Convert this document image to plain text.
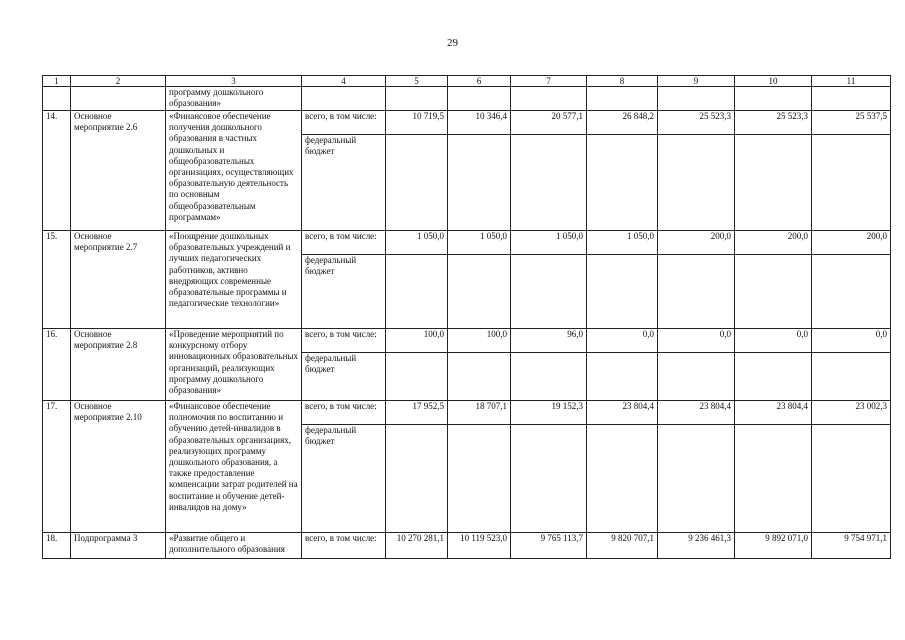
29
1	2	3	4	5	6	7	8	9	10	11
		программу дошкольного образования»								
14.	Основное мероприятие 2.6	«Финансовое обеспечение получения дошкольного образования в частных дошкольных и общеобразовательных организациях, осуществляющих образовательную деятельность по основным общеобразовательным программам»	всего, в том числе:	10 719,5	10 346,4	20 577,1	26 848,2	25 523,3	25 523,3	25 537,5
			федеральный бюджет							
15.	Основное мероприятие 2.7	«Поощрение дошкольных образовательных учреждений и лучших педагогических работников, активно внедряющих современные образовательные программы и педагогические технологии»	всего, в том числе:	1 050,0	1 050,0	1 050,0	1 050,0	200,0	200,0	200,0
			федеральный бюджет							
16.	Основное мероприятие 2.8	«Проведение мероприятий по конкурсному отбору инновационных образовательных организаций, реализующих программу дошкольного образования»	всего, в том числе:	100,0	100,0	96,0	0,0	0,0	0,0	0,0
			федеральный бюджет							
17.	Основное мероприятие 2.10	«Финансовое обеспечение полномочия по воспитанию и обучению детей-инвалидов в образовательных организациях, реализующих программу дошкольного образования, а также предоставление компенсации затрат родителей на воспитание и обучение детей-инвалидов на дому»	всего, в том числе:	17 952,5	18 707,1	19 152,3	23 804,4	23 804,4	23 804,4	23 002,3
			федеральный бюджет							
18.	Подпрограмма 3	«Развитие общего и дополнительного образования	всего, в том числе:	10 270 281,1	10 119 523,0	9 765 113,7	9 820 707,1	9 236 461,3	9 892 071,0	9 754 971,1
